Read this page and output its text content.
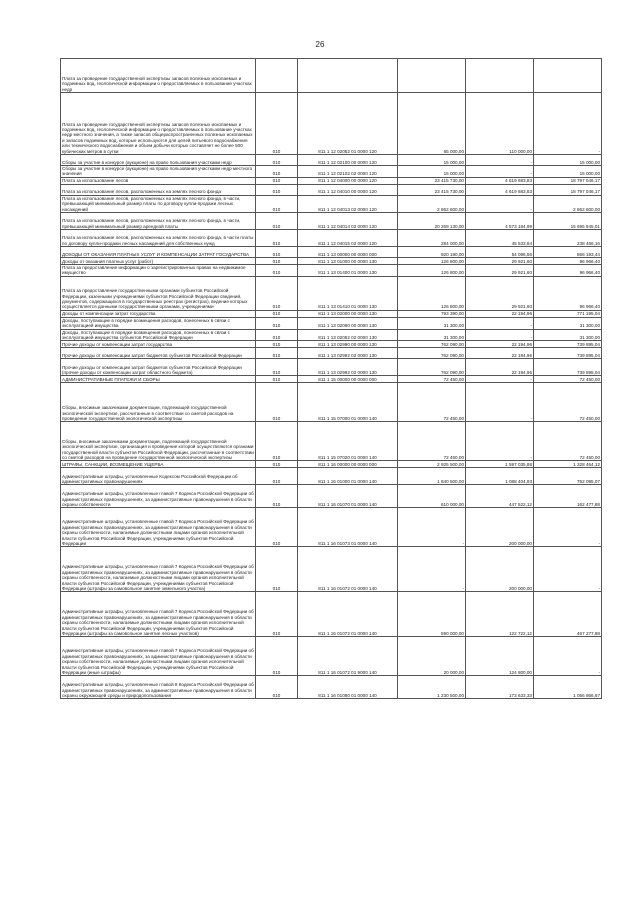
26
Плата за проведение государственной экспертизы запасов полезных ископаемых и подземных вод, геологической информации о предоставляемых в пользование участках недр					
Плата за проведение государственной экспертизы запасов полезных ископаемых и подземных вод, геологической информации о предоставляемых в пользование участках недр местного значения, а также запасов общераспространенных полезных ископаемых и запасов подземных вод, которые используются для целей питьевого водоснабжения или технического водоснабжения и объем добычи которых составляет не более 500 кубических метров в сутки	010	811 1 12 02052 01 0000 120	65 000,00	110 000,00	-
Сборы за участие в конкурсе (аукционе) на право пользования участками недр	010	811 1 12 02100 00 0000 120	15 000,00	-	15 000,00
Сборы за участие в конкурсе (аукционе) на право пользования участками недр местного значения	010	811 1 12 02102 02 0000 120	15 000,00	-	15 000,00
Плата за использование лесов	010	811 1 12 04000 00 0000 120	23 415 730,00	4 619 683,83	18 797 046,17
Плата за использование лесов, расположенных на землях лесного фонда	010	811 1 12 04010 00 0000 120	23 415 730,00	4 619 683,83	18 797 046,17
Плата за использование лесов, расположенных на землях лесного фонда, в части, превышающей минимальный размер платы по договору купли-продажи лесных насаждений	010	811 1 12 04013 02 0000 120	2 862 600,00	-	2 862 600,00
Плата за использование лесов, расположенных на землях лесного фонда, в части, превышающей минимальный размер арендной платы	010	811 1 12 04014 02 0000 120	20 269 130,00	4 573 184,99	15 695 945,01
Плата за использование лесов, расположенных на землях лесного фонда, в части платы по договору купли-продажи лесных насаждений для собственных нужд	010	811 1 12 04015 02 0000 120	284 000,00	45 533,84	238 466,16
ДОХОДЫ ОТ ОКАЗАНИЯ ПЛАТНЫХ УСЛУГ И КОМПЕНСАЦИИ ЗАТРАТ ГОСУДАРСТВА	010	811 1 13 00000 00 0000 000	920 190,00	54 096,56	866 193,44
Доходы от оказания платных услуг (работ)	010	811 1 13 01000 00 0000 130	126 800,00	29 921,60	96 966,40
Плата за предоставление информации о зарегистрированных правах на недвижимое имущество	010	811 1 13 01400 01 0000 130	126 800,00	29 921,60	96 966,40
Плата за предоставление государственными органами субъектов Российской Федерации, казенными учреждениями субъектов Российской Федерации сведений, документов, содержащихся в государственных реестрах (регистрах), ведение которых осуществляется данными государственными органами, учреждениями	010	811 1 13 01410 01 0000 130	126 800,00	29 921,60	96 966,40
Доходы от компенсации затрат государства	010	811 1 13 02000 00 0000 130	793 390,00	22 194,96	771 195,04
Доходы, поступающие в порядке возмещения расходов, понесенных в связи с эксплуатацией имущества	010	811 1 13 02060 00 0000 130	31 300,00	-	31 300,00
Доходы, поступающие в порядке возмещения расходов, понесенных в связи с эксплуатацией имущества субъектов Российской Федерации	010	811 1 13 02062 02 0000 130	31 300,00	-	31 300,00
Прочие доходы от компенсации затрат государства	010	811 1 13 02990 00 0000 130	762 090,00	22 194,96	739 895,04
Прочие доходы от компенсации затрат бюджетов субъектов Российской Федерации	010	811 1 13 02992 02 0000 130	762 090,00	22 194,96	739 895,04
Прочие доходы от компенсации затрат бюджетов субъектов Российской Федерации (прочие доходы от компенсации затрат областного бюджета)	010	811 1 13 02992 02 0000 130	762 090,00	22 194,96	739 895,04
АДМИНИСТРАТИВНЫЕ ПЛАТЕЖИ И СБОРЫ	010	811 1 15 00000 00 0000 000	72 450,00	-	72 450,00
Сборы, вносимые заказчиками документации, подлежащей государственной экологической экспертизе, рассчитанные в соответствии со сметой расходов на проведение государственной экологической экспертизы	010	811 1 15 07000 01 0000 140	72 450,00	-	72 450,00
Сборы, вносимые заказчиками документации, подлежащей государственной экологической экспертизе, организация и проведение которой осуществляются органами государственной власти субъектов Российской Федерации, рассчитанные в соответствии со сметой расходов на проведение государственной экологической экспертизы	010	811 1 15 07020 01 0000 140	72 450,00	-	72 450,00
ШТРАФЫ, САНКЦИИ, ВОЗМЕЩЕНИЕ УЩЕРБА	010	811 1 16 00000 00 0000 000	2 925 500,00	1 597 035,88	1 328 464,12
Административные штрафы, установленные Кодексом Российской Федерации об административных правонарушениях	010	811 1 16 01000 01 0000 140	1 840 500,00	1 088 404,93	752 095,07
Административные штрафы, установленные главой 7 Кодекса Российской Федерации об административных правонарушениях, за административные правонарушения в области охраны собственности	010	811 1 16 01070 01 0000 140	610 000,00	447 522,12	162 477,88
Административные штрафы, установленные главой 7 Кодекса Российской Федерации об административных правонарушениях, за административные правонарушения в области охраны собственности, налагаемые должностными лицами органов исполнительной власти субъектов Российской Федерации, учреждениями субъектов Российской Федерации	010	811 1 16 01073 01 0000 140	-	200 000,00	-
Административные штрафы, установленные главой 7 Кодекса Российской Федерации об административных правонарушениях, за административные правонарушения в области охраны собственности, налагаемые должностными лицами органов исполнительной власти субъектов Российской Федерации, учреждениями субъектов Российской Федерации (штрафы за самовольное занятие земельного участка)	010	811 1 16 01072 01 0000 140	-	200 000,00	-
Административные штрафы, установленные главой 7 Кодекса Российской Федерации об административных правонарушениях, за административные правонарушения в области охраны собственности, налагаемые должностными лицами органов исполнительной власти субъектов Российской Федерации, учреждениями субъектов Российской Федерации (штрафы за самовольное занятие лесных участков)	010	811 1 16 01072 01 0000 140	590 000,00	122 722,12	467 277,88
Административные штрафы, установленные главой 7 Кодекса Российской Федерации об административных правонарушениях, за административные правонарушения в области охраны собственности, налагаемые должностными лицами органов исполнительной власти субъектов Российской Федерации, учреждениями субъектов Российской Федерации (иные штрафы)	010	811 1 16 01072 01 9000 140	20 000,00	124 800,00	-
Административные штрафы, установленные главой 8 Кодекса Российской Федерации об административных правонарушениях, за административные правонарушения в области охраны окружающей среды и природопользования	010	811 1 16 01080 01 0000 140	1 230 500,00	173 633,33	1 056 866,67
